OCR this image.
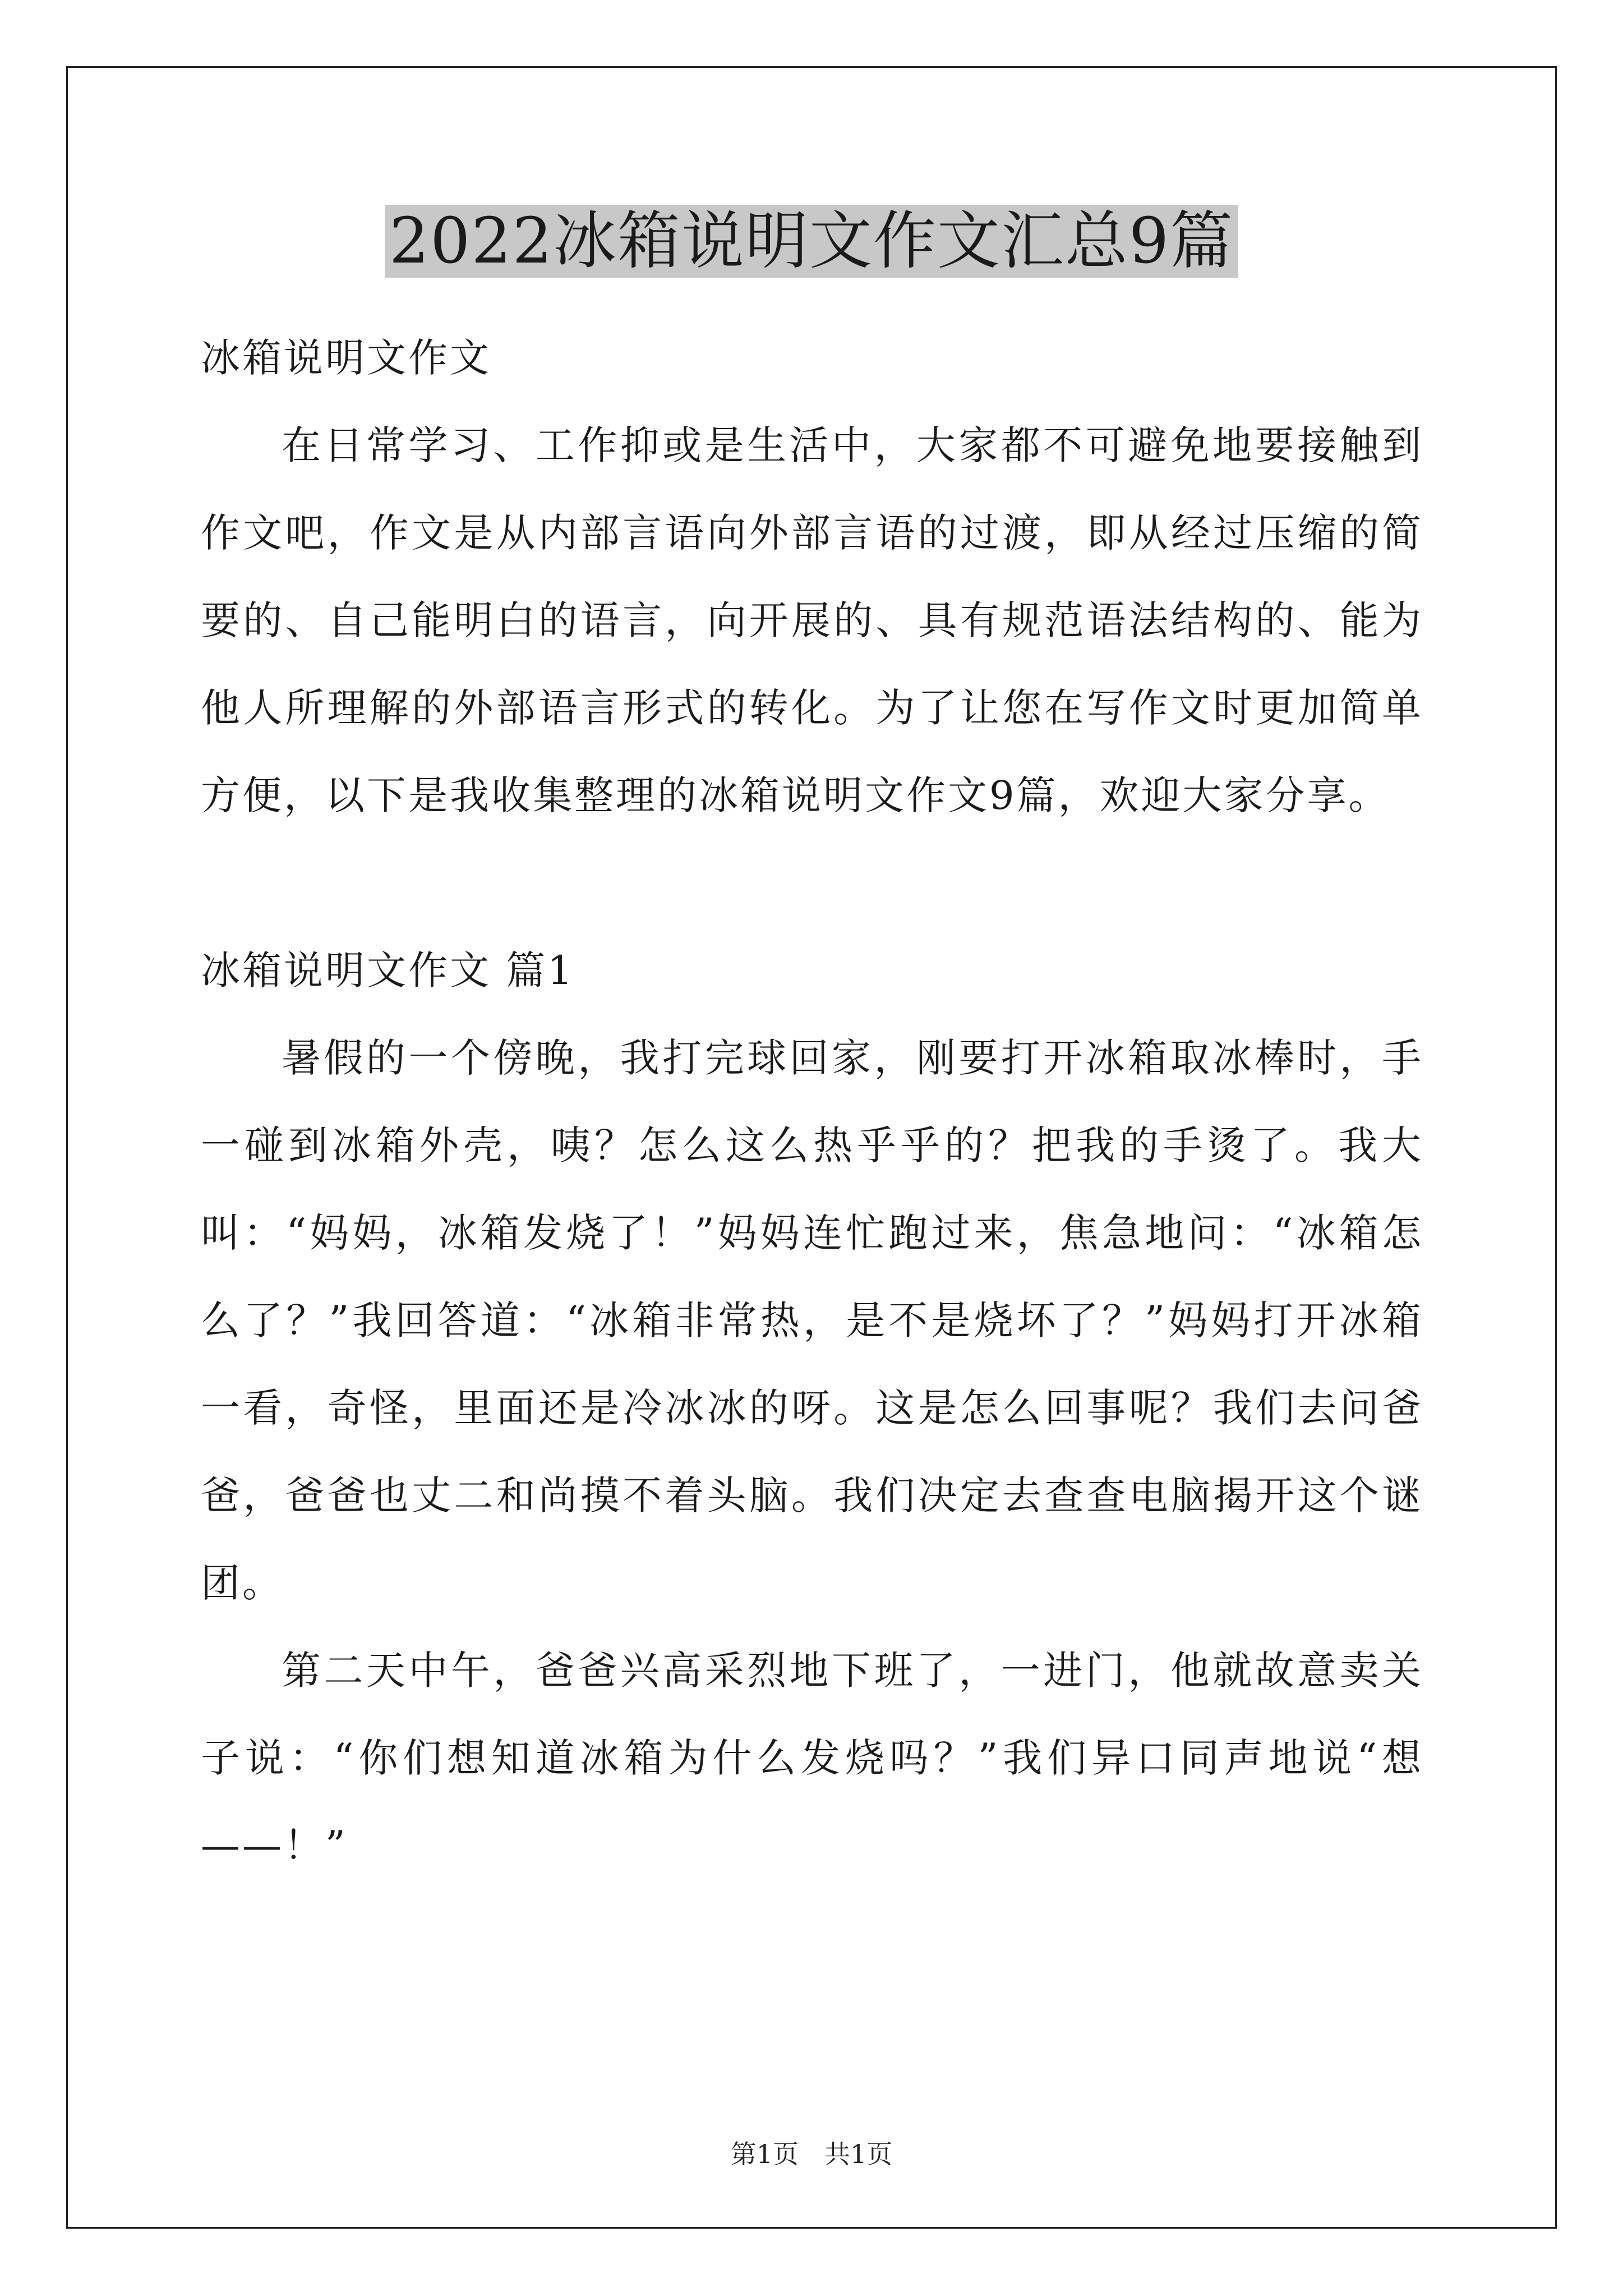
2022冰箱说明文作文汇总9篇

冰箱说明文作文

在日常学习、工作抑或是生活中，大家都不可避免地要接触到作文吧，作文是从内部言语向外部言语的过渡，即从经过压缩的简要的、自己能明白的语言，向开展的、具有规范语法结构的、能为他人所理解的外部语言形式的转化。为了让您在写作文时更加简单方便，以下是我收集整理的冰箱说明文作文9篇，欢迎大家分享。

冰箱说明文作文 篇1

暑假的一个傍晚，我打完球回家，刚要打开冰箱取冰棒时，手一碰到冰箱外壳，咦？怎么这么热乎乎的？把我的手烫了。我大叫：“妈妈，冰箱发烧了！”妈妈连忙跑过来，焦急地问：“冰箱怎么了？”我回答道：“冰箱非常热，是不是烧坏了？”妈妈打开冰箱一看，奇怪，里面还是冷冰冰的呀。这是怎么回事呢？我们去问爸爸，爸爸也丈二和尚摸不着头脑。我们决定去查查电脑揭开这个谜团。

第二天中午，爸爸兴高采烈地下班了，一进门，他就故意卖关子说：“你们想知道冰箱为什么发烧吗？”我们异口同声地说“想——！”

第1页　共1页
